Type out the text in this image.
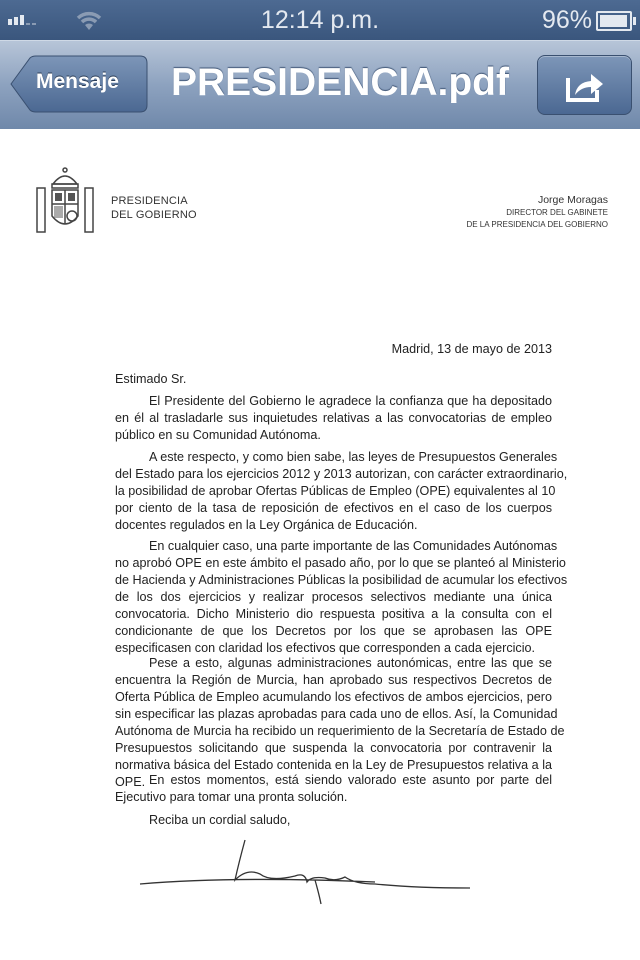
12:14 p.m.	96%
Mensaje PRESIDENCIA.pdf
PRESIDENCIA
DEL GOBIERNO
Jorge Moragas
DIRECTOR DEL GABINETE
DE LA PRESIDENCIA DEL GOBIERNO
Madrid, 13 de mayo de 2013
Estimado Sr.
El Presidente del Gobierno le agradece la confianza que ha depositado
en él al trasladarle sus inquietudes relativas a las convocatorias de empleo
público en su Comunidad Autónoma.
A este respecto, y como bien sabe, las leyes de Presupuestos Generales
del Estado para los ejercicios 2012 y 2013 autorizan, con carácter extraordinario,
la posibilidad de aprobar Ofertas Públicas de Empleo (OPE) equivalentes al 10
por ciento de la tasa de reposición de efectivos en el caso de los cuerpos
docentes regulados en la Ley Orgánica de Educación.
En cualquier caso, una parte importante de las Comunidades Autónomas
no aprobó OPE en este ámbito el pasado año, por lo que se planteó al Ministerio
de Hacienda y Administraciones Públicas la posibilidad de acumular los efectivos
de los dos ejercicios y realizar procesos selectivos mediante una única
convocatoria. Dicho Ministerio dio respuesta positiva a la consulta con el
condicionante de que los Decretos por los que se aprobasen las OPE
especificasen con claridad los efectivos que corresponden a cada ejercicio.
Pese a esto, algunas administraciones autonómicas, entre las que se
encuentra la Región de Murcia, han aprobado sus respectivos Decretos de
Oferta Pública de Empleo acumulando los efectivos de ambos ejercicios, pero
sin especificar las plazas aprobadas para cada uno de ellos. Así, la Comunidad
Autónoma de Murcia ha recibido un requerimiento de la Secretaría de Estado de
Presupuestos solicitando que suspenda la convocatoria por contravenir la
normativa básica del Estado contenida en la Ley de Presupuestos relativa a la
OPE. En estos momentos, está siendo valorado este asunto por parte del
Ejecutivo para tomar una pronta solución.
Reciba un cordial saludo,
